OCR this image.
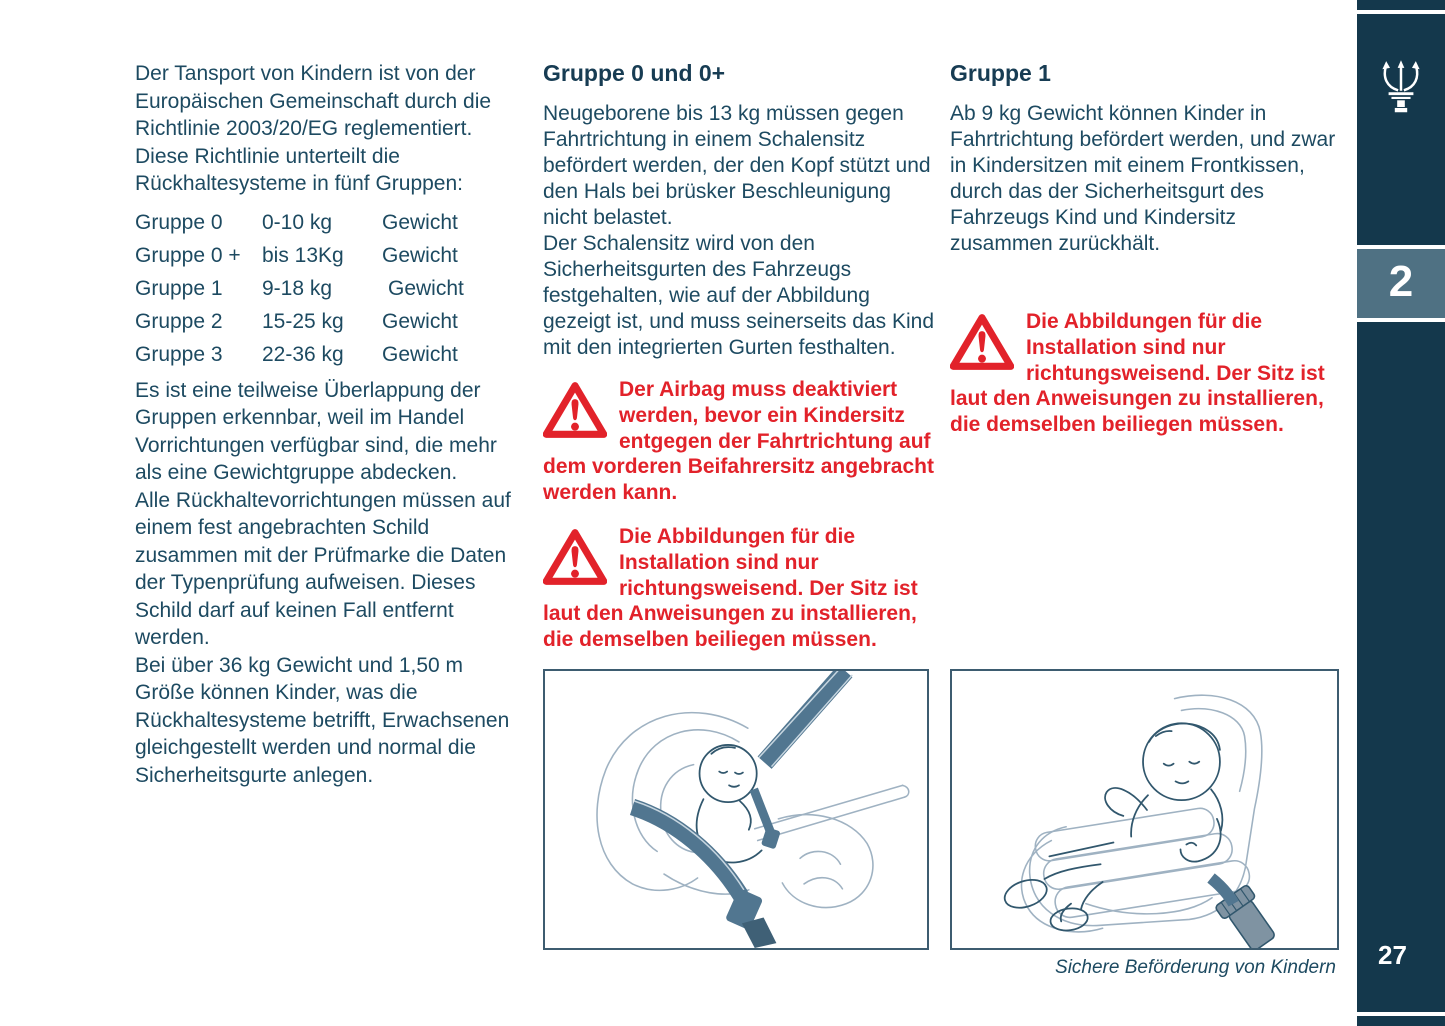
Der Tansport von Kindern ist von der Europäischen Gemeinschaft durch die Richtlinie 2003/20/EG reglementiert. Diese Richtlinie unterteilt die Rückhaltesysteme in fünf Gruppen:

Gruppe 0	0-10 kg	Gewicht
Gruppe 0 +	bis 13Kg	Gewicht
Gruppe 1	9-18 kg	Gewicht
Gruppe 2	15-25 kg	Gewicht
Gruppe 3	22-36 kg	Gewicht

Es ist eine teilweise Überlappung der Gruppen erkennbar, weil im Handel Vorrichtungen verfügbar sind, die mehr als eine Gewichtgruppe abdecken.

Alle Rückhaltevorrichtungen müssen auf einem fest angebrachten Schild zusammen mit der Prüfmarke die Daten der Typenprüfung aufweisen. Dieses Schild darf auf keinen Fall entfernt werden.

Bei über 36 kg Gewicht und 1,50 m Größe können Kinder, was die Rückhaltesysteme betrifft, Erwachsenen gleichgestellt werden und normal die Sicherheitsgurte anlegen.

Gruppe 0 und 0+

Neugeborene bis 13 kg müssen gegen Fahrtrichtung in einem Schalensitz befördert werden, der den Kopf stützt und den Hals bei brüsker Beschleunigung nicht belastet.

Der Schalensitz wird von den Sicherheitsgurten des Fahrzeugs festgehalten, wie auf der Abbildung gezeigt ist, und muss seinerseits das Kind mit den integrierten Gurten festhalten.

Der Airbag muss deaktiviert werden, bevor ein Kindersitz entgegen der Fahrtrichtung auf dem vorderen Beifahrersitz angebracht werden kann.

Die Abbildungen für die Installation sind nur richtungsweisend. Der Sitz ist laut den Anweisungen zu installieren, die demselben beiliegen müssen.

Gruppe 1

Ab 9 kg Gewicht können Kinder in Fahrtrichtung befördert werden, und zwar in Kindersitzen mit einem Frontkissen, durch das der Sicherheitsgurt des Fahrzeugs Kind und Kindersitz zusammen zurückhält.

Die Abbildungen für die Installation sind nur richtungsweisend. Der Sitz ist laut den Anweisungen zu installieren, die demselben beiliegen müssen.

Sichere Beförderung von Kindern
2
27
